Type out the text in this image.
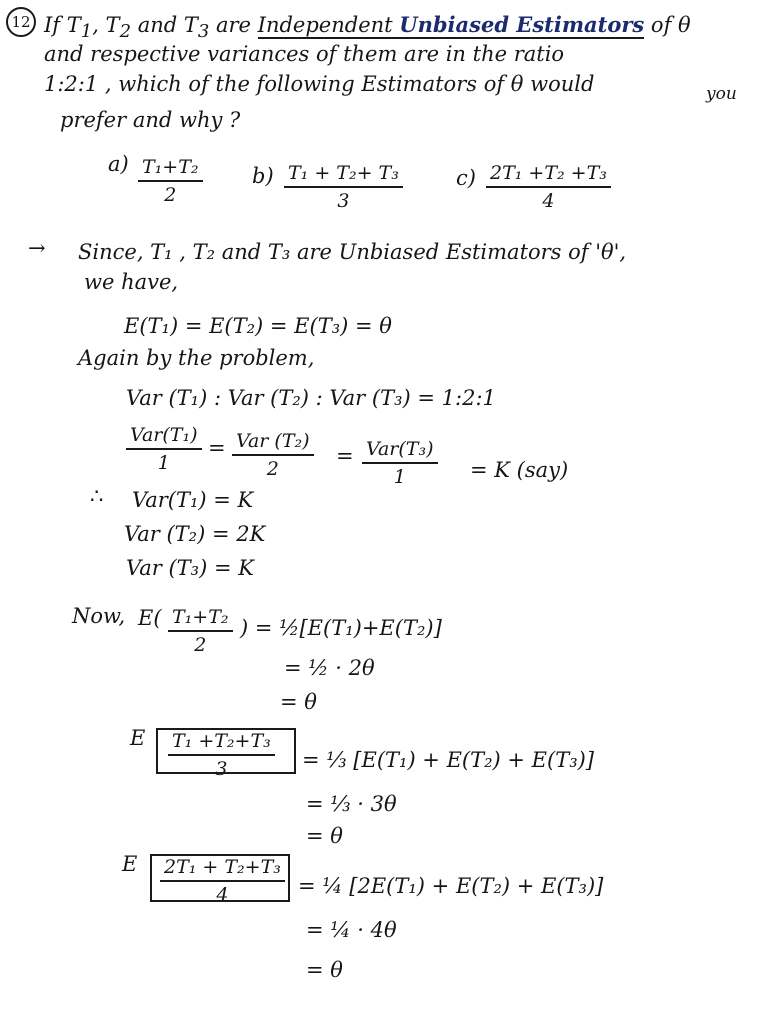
12 If $T_1$, $T_2$ and $T_3$ are Independent Unbiased Estimators of θ
and respective variances of them are in the ratio
1:2:1 , which of the following Estimators of θ would	you
prefer and why ?
$a) \frac{\text{T₁+T₂}}{2} b) \frac{\text{T₁ + T₂+ T₃}}{3}$	$c) \frac{\text{2T₁ +T₂ +T₃}}{4}$
→ Since, T₁ , T₂ and T₃ are Unbiased Estimators of 'θ',
we have,
E(T₁) = E(T₂) = E(T₃) = θ
Again by the problem,
Var (T₁) : Var (T₂) : Var (T₃) = 1:2:1
Var(T₁)
1
= Var (T₂)
2
= Var(T₃)
1	= K (say)
∴ Var(T₁) = K
Var (T₂) = 2K
Var (T₃) = K
Now, $E( \frac{\text{T₁+T₂}}{2}$ ) = ½[E(T₁)+E(T₂)]
= ½ · 2θ
= θ
E $\frac{\text{T₁ +T₂+T₃}}{3}$ = ⅓ [E(T₁) + E(T₂) + E(T₃)]
= ⅓ · 3θ
= θ
E $\frac{\text{2T₁ + T₂+T₃}}{4}$ = ¼ [2E(T₁) + E(T₂) + E(T₃)]
= ¼ · 4θ
= θ
